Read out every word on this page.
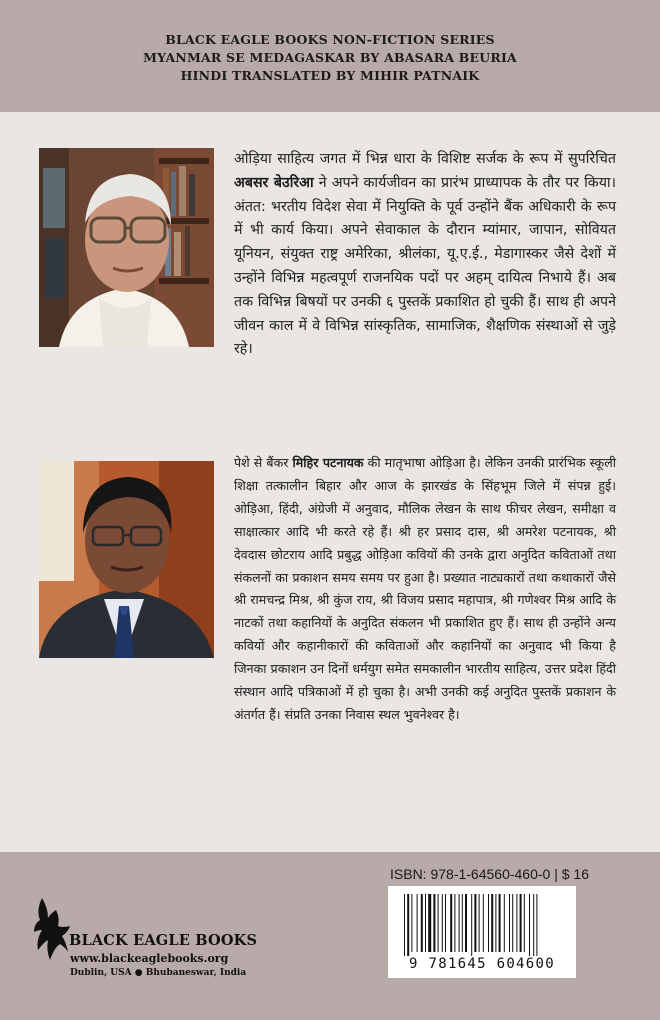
BLACK EAGLE BOOKS NON-FICTION SERIES
MYANMAR SE MEDAGASKAR BY ABASARA BEURIA
HINDI TRANSLATED BY MIHIR PATNAIK
ओड़िया साहित्य जगत में भिन्न धारा के विशिष्ट सर्जक के रूप में सुपरिचित अबसर बेउरिआ ने अपने कार्यजीवन का प्रारंभ प्राध्यापक के तौर पर किया। अंतत: भरतीय विदेश सेवा में नियुक्ति के पूर्व उन्होंने बैंक अधिकारी के रूप में भी कार्य किया। अपने सेवाकाल के दौरान म्यांमार, जापान, सोवियत यूनियन, संयुक्त राष्ट्र अमेरिका, श्रीलंका, यू.ए.ई., मेडागास्कर जैसे देशों में उन्होंने विभिन्न महत्वपूर्ण राजनयिक पदों पर अहम् दायित्व निभाये हैं। अब तक विभिन्न बिषयों पर उनकी ६ पुस्तकें प्रकाशित हो चुकी हैं। साथ ही अपने जीवन काल में वे विभिन्न सांस्कृतिक, सामाजिक, शैक्षणिक संस्थाओं से जुड़े रहे।
पेशे से बैंकर मिहिर पटनायक की मातृभाषा ओड़िआ है। लेकिन उनकी प्रारंभिक स्कूली शिक्षा तत्कालीन बिहार और आज के झारखंड के सिंहभूम जिले में संपन्न हुई। ओड़िआ, हिंदी, अंग्रेजी में अनुवाद, मौलिक लेखन के साथ फीचर लेखन, समीक्षा व साक्षात्कार आदि भी करते रहे हैं। श्री हर प्रसाद दास, श्री अमरेश पटनायक, श्री देवदास छोटराय आदि प्रबुद्ध ओड़िआ कवियों की उनके द्वारा अनुदित कविताओं तथा संकलनों का प्रकाशन समय समय पर हुआ है। प्रख्यात नाट्यकारों तथा कथाकारों जैसे श्री रामचन्द्र मिश्र, श्री कुंज राय, श्री विजय प्रसाद महापात्र, श्री गणेश्वर मिश्र आदि के नाटकों तथा कहानियों के अनुदित संकलन भी प्रकाशित हुए हैं। साथ ही उन्होंने अन्य कवियों और कहानीकारों की कविताओं और कहानियों का अनुवाद भी किया है जिनका प्रकाशन उन दिनों धर्मयुग समेत समकालीन भारतीय साहित्य, उत्तर प्रदेश हिंदी संस्थान आदि पत्रिकाओं में हो चुका है। अभी उनकी कई अनुदित पुस्तकें प्रकाशन के अंतर्गत हैं। संप्रति उनका निवास स्थल भुवनेश्वर है।
BLACK EAGLE BOOKS
www.blackeaglebooks.org
Dublin, USA ● Bhubaneswar, India
ISBN: 978-1-64560-460-0 | $ 16
9 781645 604600
